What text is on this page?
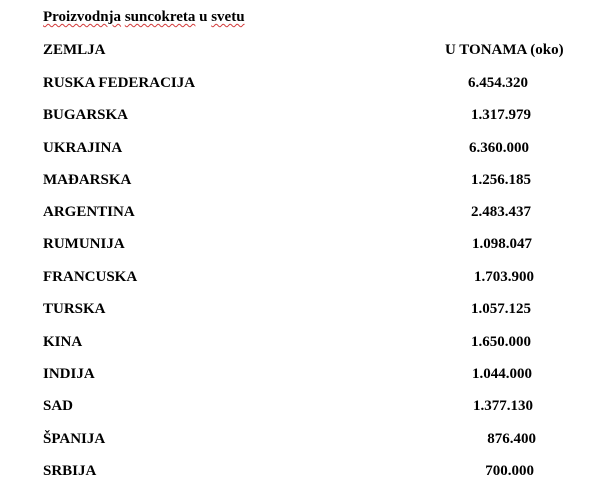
Proizvodnja suncokreta u svetu
ZEMLJA	U TONAMA (oko)
RUSKA FEDERACIJA	6.454.320
BUGARSKA	1.317.979
UKRAJINA	6.360.000
MAĐARSKA	1.256.185
ARGENTINA	2.483.437
RUMUNIJA	1.098.047
FRANCUSKA	1.703.900
TURSKA	1.057.125
KINA	1.650.000
INDIJA	1.044.000
SAD	1.377.130
ŠPANIJA	876.400
SRBIJA	700.000
